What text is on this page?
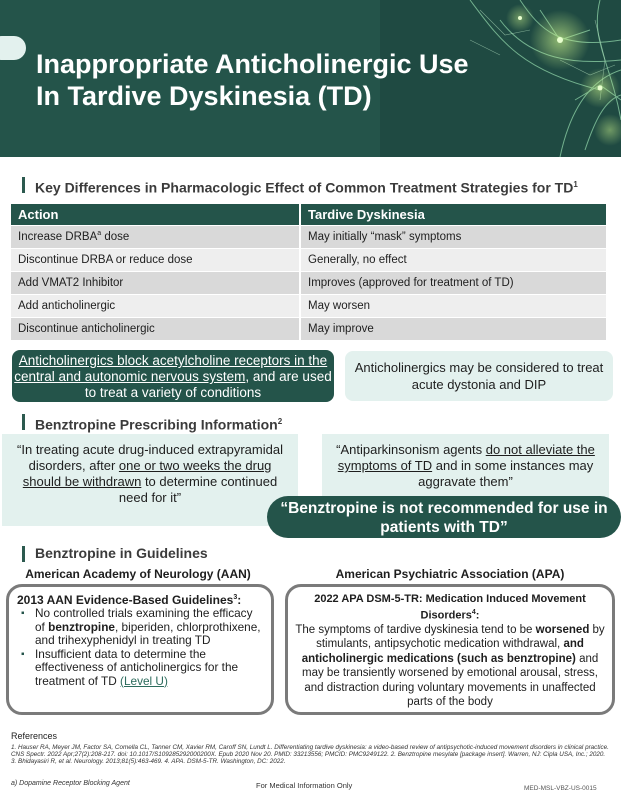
Inappropriate Anticholinergic Use
In Tardive Dyskinesia (TD)
Key Differences in Pharmacologic Effect of Common Treatment Strategies for $TD^1$
Action	Tardive Dyskinesia
Increase DRBA$^a$ dose	May initially “mask” symptoms
Discontinue DRBA or reduce dose	Generally, no effect
Add VMAT2 Inhibitor	Improves (approved for treatment of TD)
Add anticholinergic	May worsen
Discontinue anticholinergic	May improve
Anticholinergics block acetylcholine receptors in the central and autonomic nervous system, and are used to treat a variety of conditions
Anticholinergics may be considered to treat acute dystonia and DIP
Benztropine Prescribing Information$^2$
“In treating acute drug-induced extrapyramidal disorders, after one or two weeks the drug should be withdrawn to determine continued need for it”
“Antiparkinsonism agents do not alleviate the symptoms of TD and in some instances may aggravate them”
“Benztropine is not recommended for use in patients with TD”
Benztropine in Guidelines
American Academy of Neurology (AAN)	American Psychiatric Association (APA)
2013 AAN Evidence-Based Guidelines$^3$:
▪ No controlled trials examining the efficacy of benztropine, biperiden, chlorprothixene, and trihexyphenidyl in treating TD
▪ Insufficient data to determine the effectiveness of anticholinergics for the treatment of TD (Level U)
2022 APA DSM-5-TR: Medication Induced Movement Disorders$^4$:

The symptoms of tardive dyskinesia tend to be worsened by stimulants, antipsychotic medication withdrawal, and anticholinergic medications (such as benztropine) and may be transiently worsened by emotional arousal, stress, and distraction during voluntary movements in unaffected parts of the body

References
1. Hauser RA, Meyer JM, Factor SA, Comella CL, Tanner CM, Xavier RM, Caroff SN, Lundt L. Differentiating tardive dyskinesia: a video-based review of antipsychotic-induced movement disorders in clinical practice. CNS Spectr. 2022 Apr;27(2):208-217. doi: 10.1017/S109285292000200X. Epub 2020 Nov 20. PMID: 33213556; PMCID: PMC9249122. 2. Benztropine mesylate [package insert]. Warren, NJ: Cipla USA, Inc.; 2020. 3. Bhidayasiri R, et al. Neurology. 2013;81(5):463-469. 4. APA. DSM-5-TR. Washington, DC: 2022.
a) Dopamine Receptor Blocking Agent	For Medical Information Only	MED-MSL-VBZ-US-0015
